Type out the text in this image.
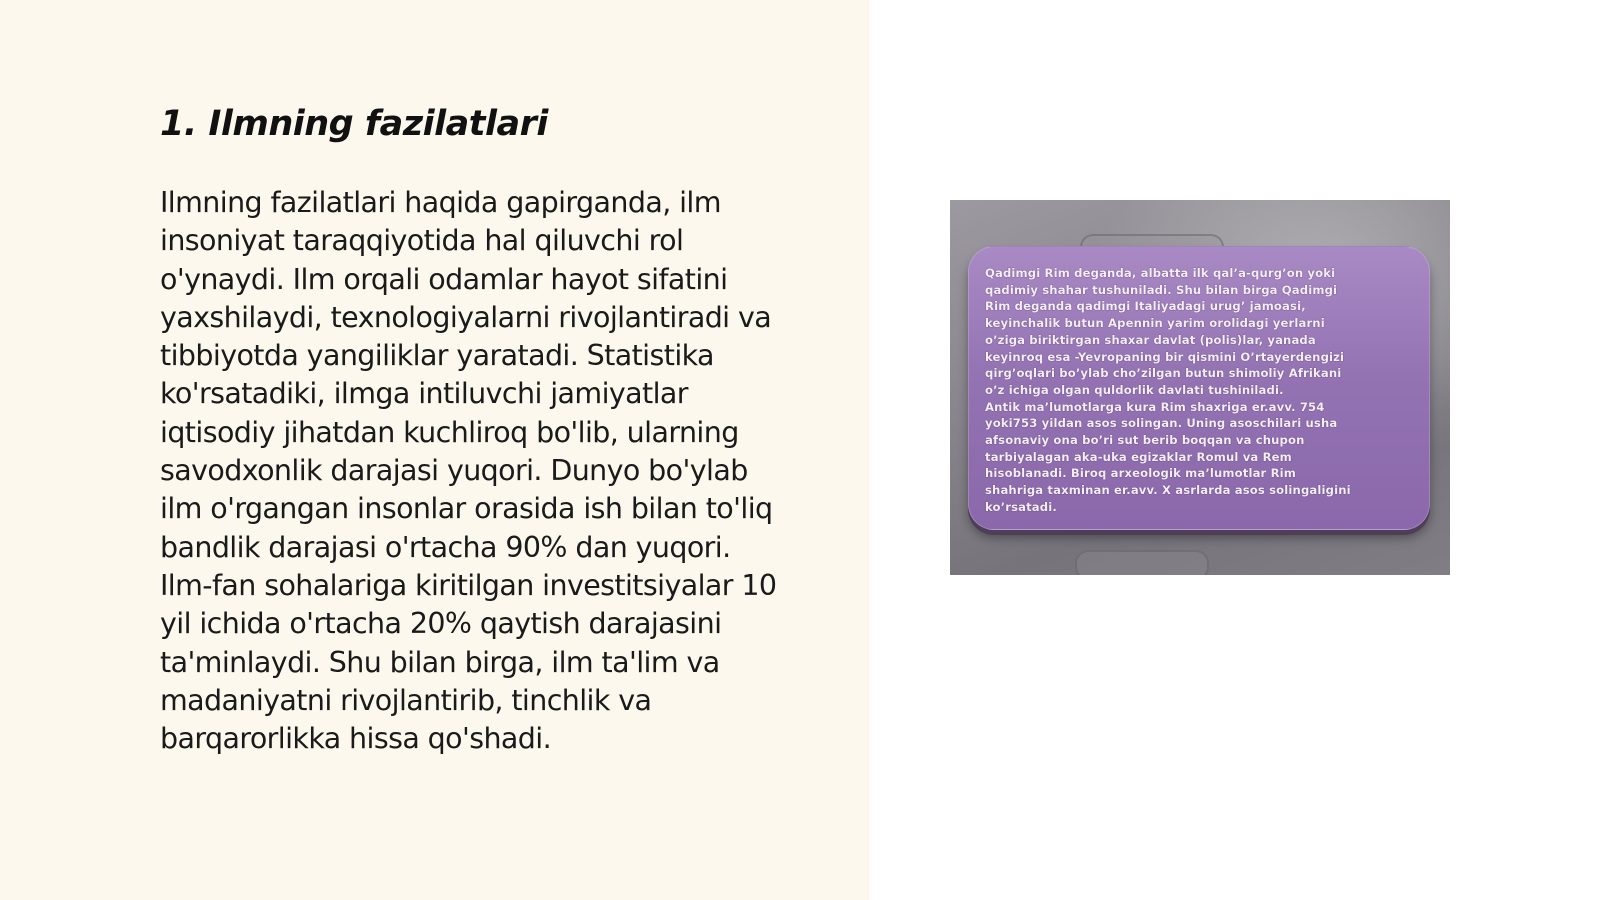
1. Ilmning fazilatlari

Ilmning fazilatlari haqida gapirganda, ilm
insoniyat taraqqiyotida hal qiluvchi rol
o'ynaydi. Ilm orqali odamlar hayot sifatini
yaxshilaydi, texnologiyalarni rivojlantiradi va
tibbiyotda yangiliklar yaratadi. Statistika
ko'rsatadiki, ilmga intiluvchi jamiyatlar
iqtisodiy jihatdan kuchliroq bo'lib, ularning
savodxonlik darajasi yuqori. Dunyo bo'ylab
ilm o'rgangan insonlar orasida ish bilan to'liq
bandlik darajasi o'rtacha 90% dan yuqori.
Ilm-fan sohalariga kiritilgan investitsiyalar 10
yil ichida o'rtacha 20% qaytish darajasini
ta'minlaydi. Shu bilan birga, ilm ta'lim va
madaniyatni rivojlantirib, tinchlik va
barqarorlikka hissa qo'shadi.

Qadimgi Rim deganda, albatta ilk qal’a-qurg’on yoki
qadimiy shahar tushuniladi. Shu bilan birga Qadimgi
Rim deganda qadimgi Italiyadagi urug’ jamoasi,
keyinchalik butun Apennin yarim orolidagi yerlarni
o’ziga biriktirgan shaxar davlat (polis)lar, yanada
keyinroq esa -Yevropaning bir qismini O’rtayerdengizi
qirg’oqlari bo’ylab cho’zilgan butun shimoliy Afrikani
o’z ichiga olgan quldorlik davlati tushiniladi.
Antik ma’lumotlarga kura Rim shaxriga er.avv. 754
yoki753 yildan asos solingan. Uning asoschilari usha
afsonaviy ona bo’ri sut berib boqqan va chupon
tarbiyalagan aka-uka egizaklar Romul va Rem
hisoblanadi. Biroq arxeologik ma’lumotlar Rim
shahriga taxminan er.avv. X asrlarda asos solingaligini
ko’rsatadi.
